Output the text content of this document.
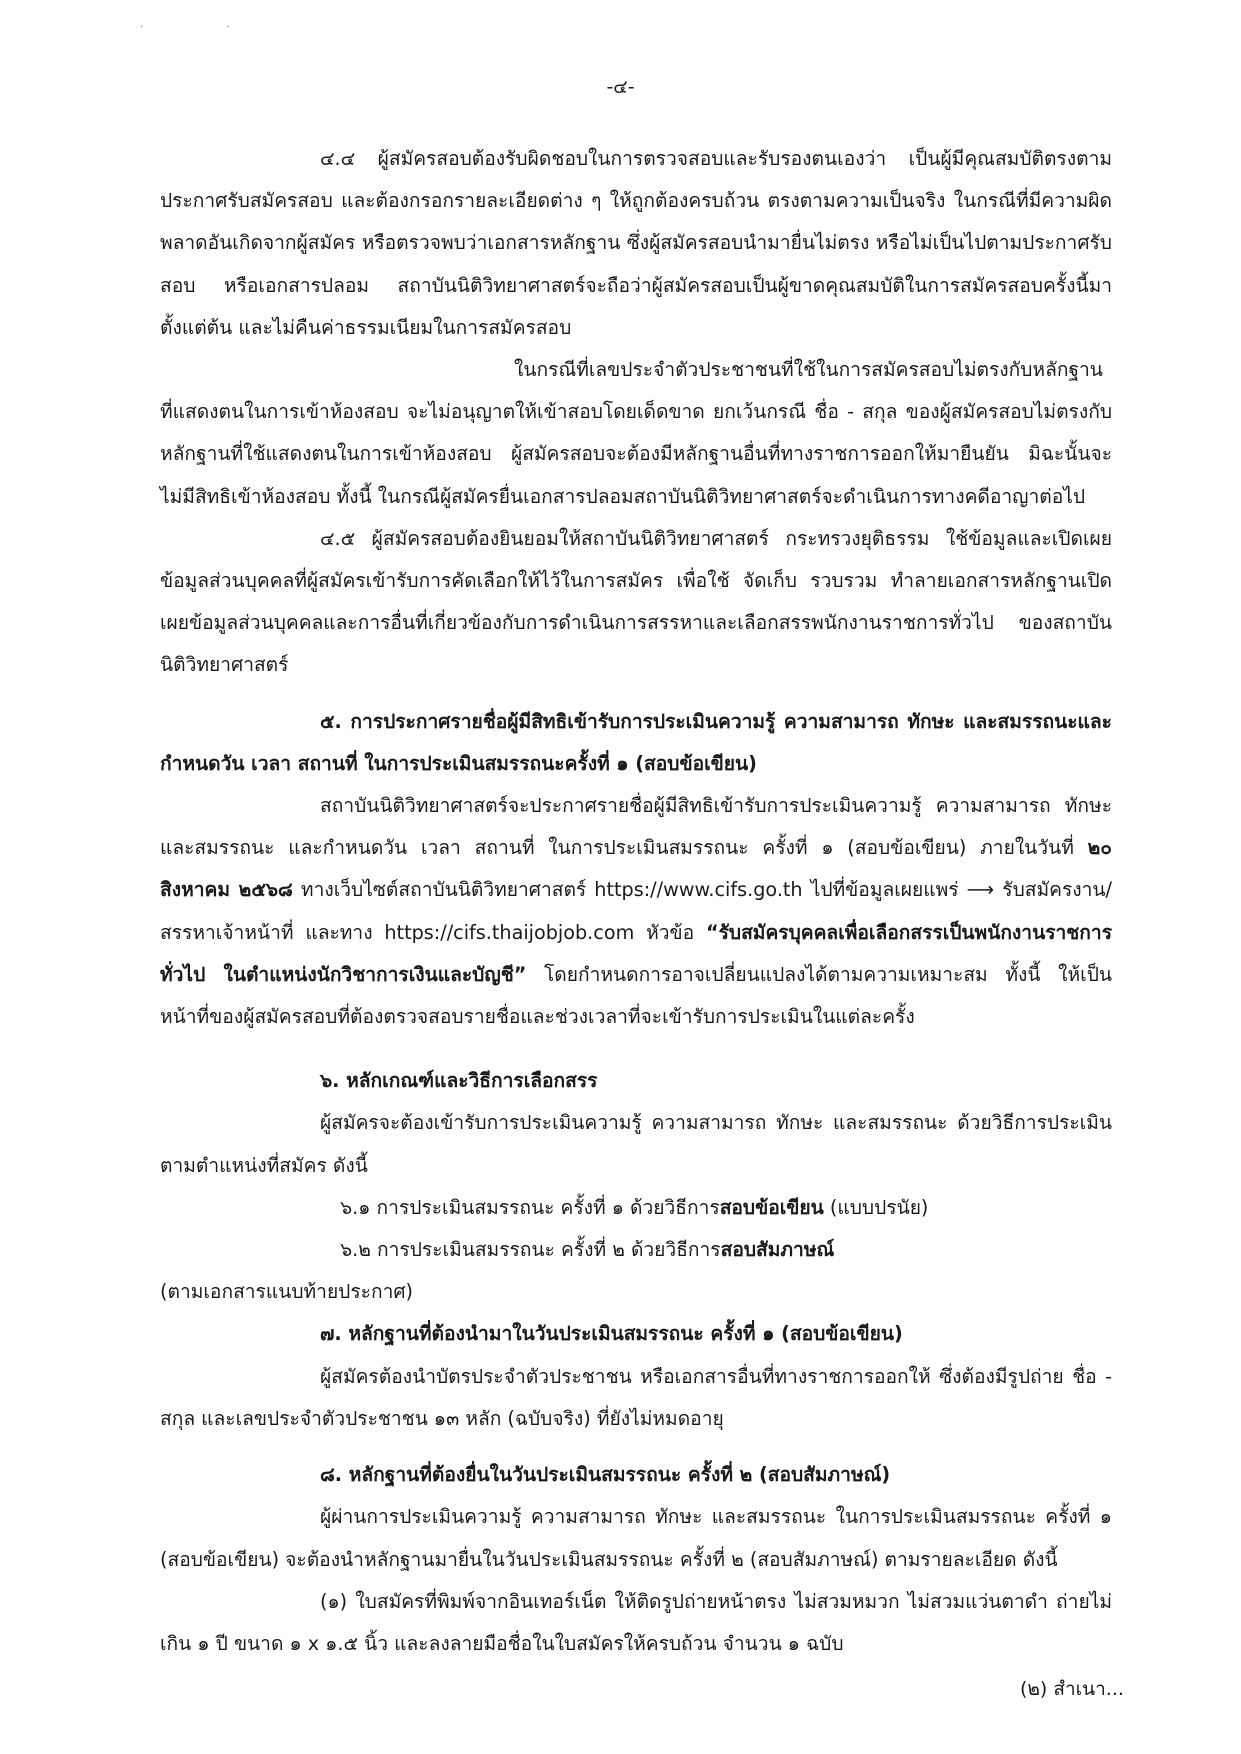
· ·
-๔-

๔.๔ ผู้สมัครสอบต้องรับผิดชอบในการตรวจสอบและรับรองตนเองว่า เป็นผู้มีคุณสมบัติตรงตามประกาศรับสมัครสอบ และต้องกรอกรายละเอียดต่าง ๆ ให้ถูกต้องครบถ้วน ตรงตามความเป็นจริง ในกรณีที่มีความผิดพลาดอันเกิดจากผู้สมัคร หรือตรวจพบว่าเอกสารหลักฐาน ซึ่งผู้สมัครสอบนำมายื่นไม่ตรง หรือไม่เป็นไปตามประกาศรับสอบ หรือเอกสารปลอม สถาบันนิติวิทยาศาสตร์จะถือว่าผู้สมัครสอบเป็นผู้ขาดคุณสมบัติในการสมัครสอบครั้งนี้มาตั้งแต่ต้น และไม่คืนค่าธรรมเนียมในการสมัครสอบ

ในกรณีที่เลขประจำตัวประชาชนที่ใช้ในการสมัครสอบไม่ตรงกับหลักฐานที่แสดงตนในการเข้าห้องสอบ จะไม่อนุญาตให้เข้าสอบโดยเด็ดขาด ยกเว้นกรณี ชื่อ - สกุล ของผู้สมัครสอบไม่ตรงกับหลักฐานที่ใช้แสดงตนในการเข้าห้องสอบ ผู้สมัครสอบจะต้องมีหลักฐานอื่นที่ทางราชการออกให้มายืนยัน มิฉะนั้นจะไม่มีสิทธิเข้าห้องสอบ ทั้งนี้ ในกรณีผู้สมัครยื่นเอกสารปลอมสถาบันนิติวิทยาศาสตร์จะดำเนินการทางคดีอาญาต่อไป

๔.๕ ผู้สมัครสอบต้องยินยอมให้สถาบันนิติวิทยาศาสตร์ กระทรวงยุติธรรม ใช้ข้อมูลและเปิดเผยข้อมูลส่วนบุคคลที่ผู้สมัครเข้ารับการคัดเลือกให้ไว้ในการสมัคร เพื่อใช้ จัดเก็บ รวบรวม ทำลายเอกสารหลักฐานเปิดเผยข้อมูลส่วนบุคคลและการอื่นที่เกี่ยวข้องกับการดำเนินการสรรหาและเลือกสรรพนักงานราชการทั่วไป ของสถาบันนิติวิทยาศาสตร์

๕. การประกาศรายชื่อผู้มีสิทธิเข้ารับการประเมินความรู้ ความสามารถ ทักษะ และสมรรถนะและกำหนดวัน เวลา สถานที่ ในการประเมินสมรรถนะครั้งที่ ๑ (สอบข้อเขียน)

สถาบันนิติวิทยาศาสตร์จะประกาศรายชื่อผู้มีสิทธิเข้ารับการประเมินความรู้ ความสามารถ ทักษะ และสมรรถนะ และกำหนดวัน เวลา สถานที่ ในการประเมินสมรรถนะ ครั้งที่ ๑ (สอบข้อเขียน) ภายในวันที่ ๒๐ สิงหาคม ๒๕๖๘ ทางเว็บไซต์สถาบันนิติวิทยาศาสตร์ https://www.cifs.go.th ไปที่ข้อมูลเผยแพร่ ⟶ รับสมัครงาน/สรรหาเจ้าหน้าที่ และทาง https://cifs.thaijobjob.com หัวข้อ “รับสมัครบุคคลเพื่อเลือกสรรเป็นพนักงานราชการทั่วไป ในตำแหน่งนักวิชาการเงินและบัญชี” โดยกำหนดการอาจเปลี่ยนแปลงได้ตามความเหมาะสม ทั้งนี้ ให้เป็นหน้าที่ของผู้สมัครสอบที่ต้องตรวจสอบรายชื่อและช่วงเวลาที่จะเข้ารับการประเมินในแต่ละครั้ง

๖. หลักเกณฑ์และวิธีการเลือกสรร

ผู้สมัครจะต้องเข้ารับการประเมินความรู้ ความสามารถ ทักษะ และสมรรถนะ ด้วยวิธีการประเมินตามตำแหน่งที่สมัคร ดังนี้

๖.๑ การประเมินสมรรถนะ ครั้งที่ ๑ ด้วยวิธีการสอบข้อเขียน (แบบปรนัย)

๖.๒ การประเมินสมรรถนะ ครั้งที่ ๒ ด้วยวิธีการสอบสัมภาษณ์

(ตามเอกสารแนบท้ายประกาศ)

๗. หลักฐานที่ต้องนำมาในวันประเมินสมรรถนะ ครั้งที่ ๑ (สอบข้อเขียน)

ผู้สมัครต้องนำบัตรประจำตัวประชาชน หรือเอกสารอื่นที่ทางราชการออกให้ ซึ่งต้องมีรูปถ่าย ชื่อ - สกุล และเลขประจำตัวประชาชน ๑๓ หลัก (ฉบับจริง) ที่ยังไม่หมดอายุ

๘. หลักฐานที่ต้องยื่นในวันประเมินสมรรถนะ ครั้งที่ ๒ (สอบสัมภาษณ์)

ผู้ผ่านการประเมินความรู้ ความสามารถ ทักษะ และสมรรถนะ ในการประเมินสมรรถนะ ครั้งที่ ๑ (สอบข้อเขียน) จะต้องนำหลักฐานมายื่นในวันประเมินสมรรถนะ ครั้งที่ ๒ (สอบสัมภาษณ์) ตามรายละเอียด ดังนี้

(๑) ใบสมัครที่พิมพ์จากอินเทอร์เน็ต ให้ติดรูปถ่ายหน้าตรง ไม่สวมหมวก ไม่สวมแว่นตาดำ ถ่ายไม่เกิน ๑ ปี ขนาด ๑ x ๑.๕ นิ้ว และลงลายมือชื่อในใบสมัครให้ครบถ้วน จำนวน ๑ ฉบับ

(๒) สำเนา...
